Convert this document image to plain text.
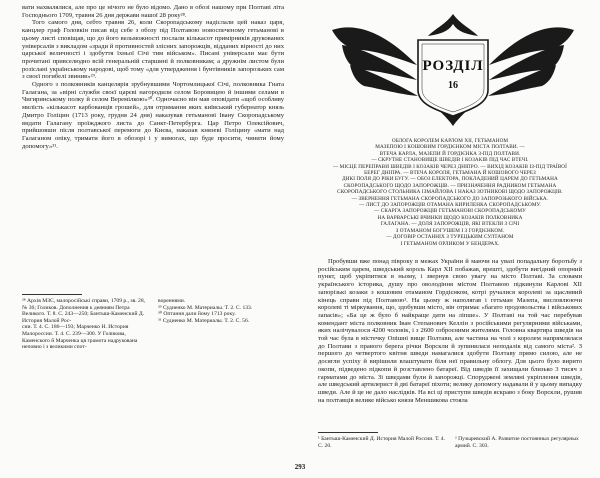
вати нахвалялися, але про це нічого не було відомо. Дано в обозі нашому при Полтаві літа Господнього 1709, травня 26 дня держави нашої 28 року²⁸.

Того самого дня, себто травня 26, коли Скоропадському надіслали цей наказ царя, канцлер граф Головкін писав від себе з обозу під Полтавою новоспеченому гетьманові в цьому листі сповіщав, що до його вельможності послали кількасот примірників друкованих універсалів з викладом «зради й противностей злісних запорожців, відданих вірності до них царської величності і здобуття їхньої Січі тим військом». Писані універсали має бути прочитані привселюдно всій генеральній старшині й полковникам; а дружнім листом були розіслані українському народові, щоб тому «для утвердження і бунтівників запорозьких сам з своєї погибелі звинив»²⁹.

Одного з полковників канцелярія зрубнувшими Чортомлицької Січі, полковника Гната Галагана, за «вірні служби своєї царєві нагородили селом Боровицею й іншими селами в Чигиринському полку й селом Веремілкою»³⁰. Одночасно він мав оповідати «щоб особливу милість «кількасот карбованців грошей», для отримання яких київський губернатор князь Дмитро Голіцин (1713 року, грудня 24 дня) наказував гетьманові Івану Скоропадському видати Галагану проїжджого листа до Санкт-Петербурга. Цар Петро Олексійович, прийшовши після полтавської перемоги до Києва, наказав князеві Голіцину «мати над Галаганом опіку, тримати його в обозорі і у вимогах, що буде просити, чинити йому допомогу»³¹.

²⁸ Архів МЗС, малоросійські справи, 1709 р., зв. 28, № 36; Голиков. Дополнения к деяниям Петра Великого. Т. 8. С. 243—250; Бантыш-Каменский Д. История Малой Рос-

сии. Т. 4. С. 186—193; Марченко Н. История Малороссии. Т. 4. С. 239—300. У Голикова, Каменского й Марченка ця грамота надрукована неповно і з великими спот-

вореннями.

²⁹ Судиенко М. Материалы. Т. 2. С. 133.

³⁰ Оптання дали йому 1713 року.

³¹ Судиенко М. Материалы. Т. 2. С. 56.

РОЗДІЛ
16

ОБЛОГА КОРОЛЕМ КАРЛОМ XII, ГЕТЬМАНОМ

МАЗЕПОЮ І КОШОВИМ ГОРДІЄНКОМ МІСТА ПОЛТАВИ. —

ВТЕЧА КАРЛА, МАЗЕПИ Й ГОРДІЄНКА З-ПІД ПОЛТАВИ.

— СКРУТНЕ СТАНОВИЩЕ ШВЕДІВ І КОЗАКІВ ПІД ЧАС ВТЕЧІ.

— МІСЦЕ ПЕРЕПРАВИ ШВЕДІВ І КОЗАКІВ ЧЕРЕЗ ДНІПРО. — ВИХІД КОЗАКІВ ІЗ-ПІД ТРАЇВОЇ

БЕРЕГ ДНІПРА. — ВТЕЧА КОРОЛЯ, ГЕТЬМАНА Й КОШОВОГО ЧЕРЕЗ

ДИКІ ПОЛЯ ДО РІКИ БУГУ. — ОБОЗ ЕЛЕКТОРА, ПОКЛАДЕНИЙ ЦАРЕМ ДО ГЕТЬМАНА

СКОРОПАДСЬКОГО ЩОДО ЗАПОРОЖЦІВ. — ПРИЗНАЧЕННЯ РАДНИКОМ ГЕТЬМАНА

СКОРОПАДСЬКОГО СТОЛЬНИКА ІЗМАЙЛОВА І НАКАЗ ЗОТНИКОВІ ЩОДО ЗАПОРОЖЦІВ.

— ЗВЕРНЕННЯ ГЕТЬМАНА СКОРОПАДСЬКОГО ДО ЗАПОРОЗЬКОГО ВІЙСЬКА.

— ЛИСТ ДО ЗАПОРОЖЦІВ ОТАМАНА КИРИЛЕНКА СКОРОПАДСЬКОМУ.

— СКАРГА ЗАПОРОЖЦІВ ГЕТЬМАНОВІ СКОРОПАДСЬКОМУ

НА ВАРВАРСЬКІ ВЧИНКИ ЩОДО КОЗАКІВ ПОЛКОВНИКА

ГАЛАГАНА. — ДОЛЯ ЗАПОРОЖЦІВ, ЯКІ ВТЕКЛИ З СІЧІ

З ОТАМАНОМ БОГУШЕМ І З ГОРДІЄНКОМ.

— ДОГОВІР ОСТАННІХ З ТУРЕЦЬКИМ СУЛТАНОМ

І ГЕТЬМАНОМ ОРЛИКОМ У БЕНДЕРАХ.

Пробувши вже понад півроку в межах України й маючи на увазі попадальну боротьбу з російським царем, шведський король Карл XII побажав, врешті, здобути вигідний опорний пункт, щоб укріпитися в ньому, і звернув свою увагу на місто Полтаві. За словами українського історика, душу про оволодіння містом Полтавою підкинули Карлові XII запорізькі козаки з кошовим отаманом Гордієнком, котрі ручалися королеві за щасливий кінець справи під Полтавою¹. На цьому ж наполягав і гетьман Мазепа, висловлюючи королеві ті міркування, що, здобувши місто, він отримає «багато продовольства і військових запасів»; «Ба це ж було б найкраще дати на ліпше». У Полтаві на той час перебував комендант міста полковник Іван Степанович Келлін з російськими регулярними військами, яких налічувалося 4200 чоловік, і з 2600 озброєними жителями. Головна квартира шведів на той час була в містечку Опішні вище Полтави, але частина на чолі з королем напрямлялася до Полтави з правого берега річки Ворскли й зупинилася неподалік від самого міста². З першого до четвертого квітня шведи намагалися здобути Полтаву прямо силою, але не досягли успіху й вирішили влаштувати біля неї правильну облогу. Для цього було вирито окопи, підведено підкопи й розставлено батареї. Від шведів її захищали близько 3 тисяч з гарматами до міста. Зі шведами були й запорожці. Споруджені земляні укріплення шведів, але шведський артилерист й дві батареї піхоти; велику допомогу надавали й у цьому випадку шведи. Але й це не дало наслідків. На всі ці приступи шведів яскраво з боку Ворскли, рушив на полтавців велике військо князя Меншикова стояла

¹ Бантыш-Каменский Д. История Малой России. Т. 4. С. 20.

² Пузыревский А. Развитие постоянных регулярных армий. С. 303.

293
